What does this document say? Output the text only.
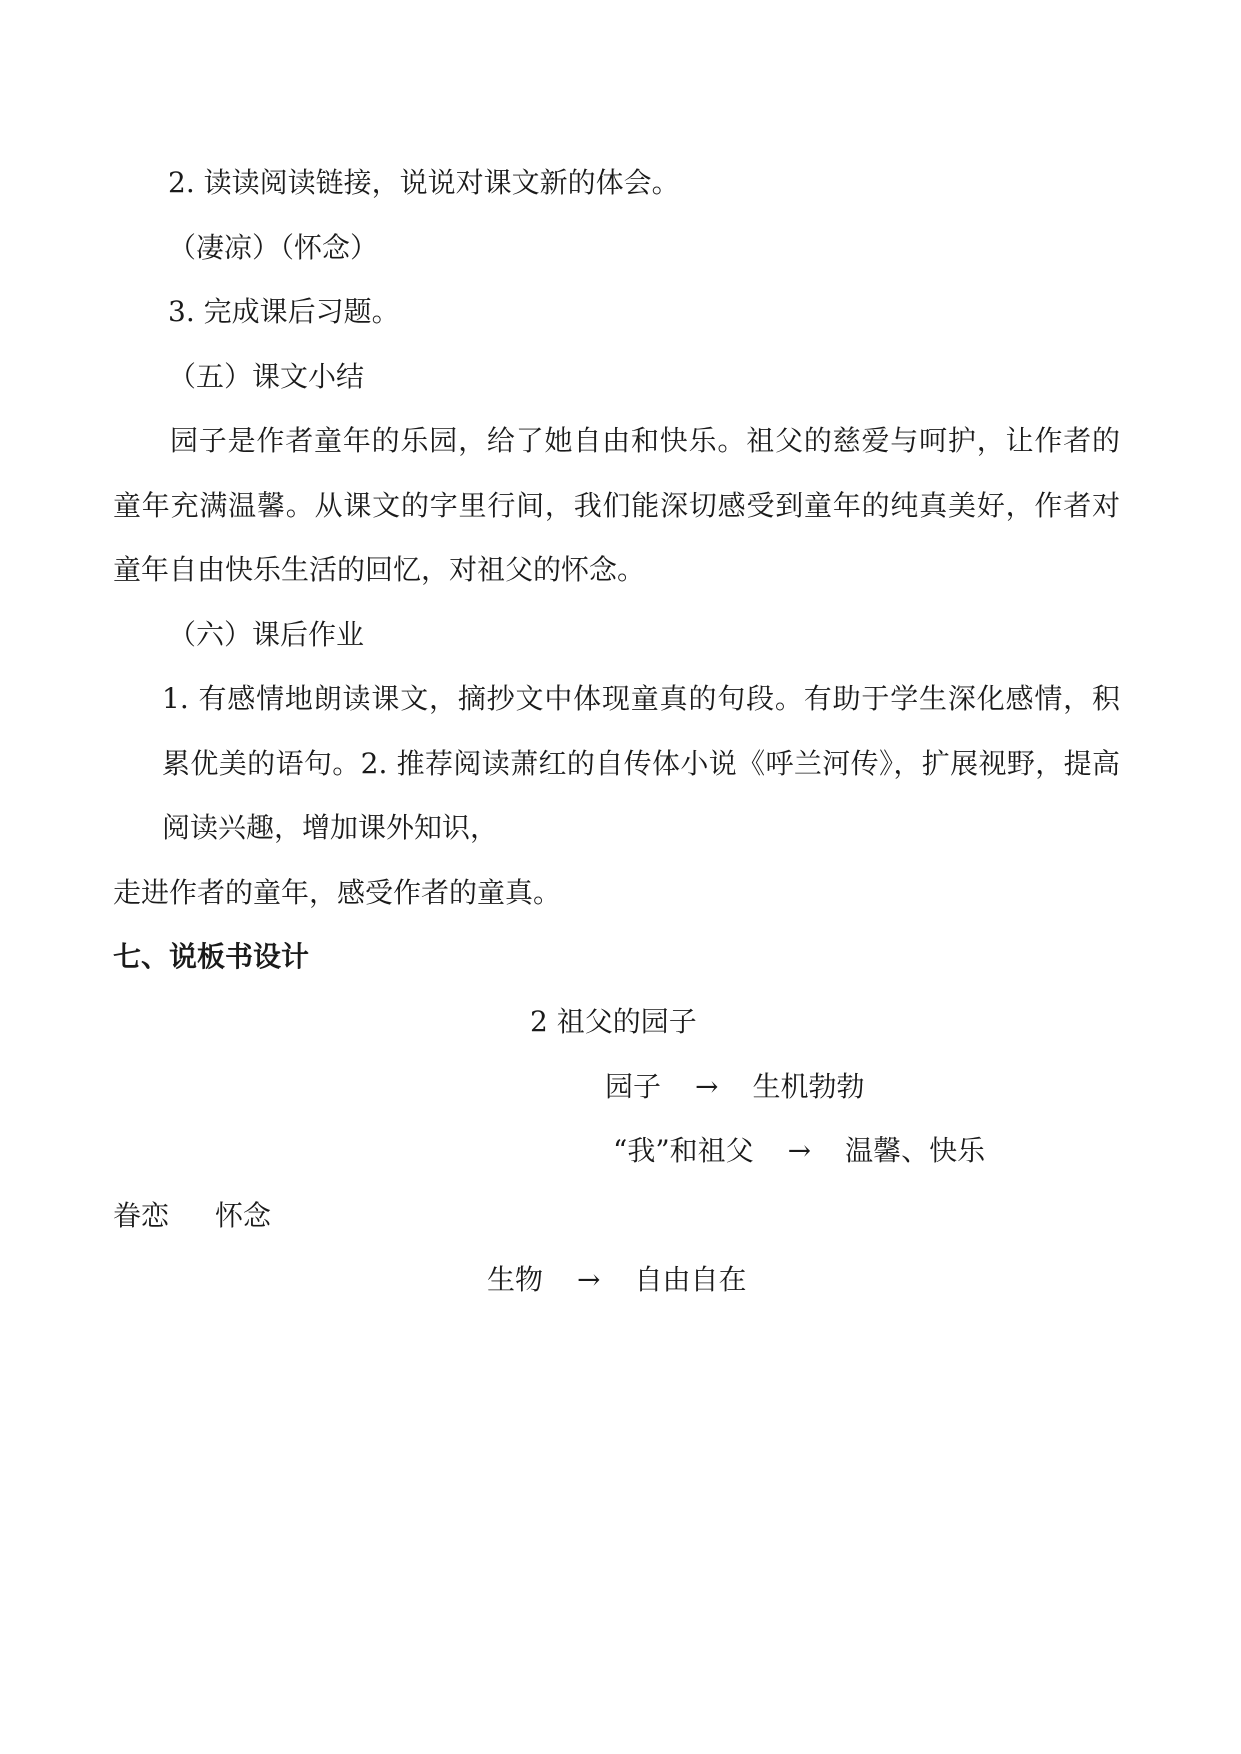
2. 读读阅读链接，说说对课文新的体会。
（凄凉）（怀念）
3. 完成课后习题。
（五）课文小结
园子是作者童年的乐园，给了她自由和快乐。祖父的慈爱与呵护，让作者的
童年充满温馨。从课文的字里行间，我们能深切感受到童年的纯真美好，作者对
童年自由快乐生活的回忆，对祖父的怀念。
（六）课后作业
1. 有感情地朗读课文，摘抄文中体现童真的句段。有助于学生深化感情，积
累优美的语句。2. 推荐阅读萧红的自传体小说《呼兰河传》，扩展视野，提高
阅读兴趣，增加课外知识，
走进作者的童年，感受作者的童真。
七、说板书设计
2 祖父的园子
园子 → 生机勃勃
“我”和祖父 → 温馨、快乐
眷恋 怀念
生物 → 自由自在
